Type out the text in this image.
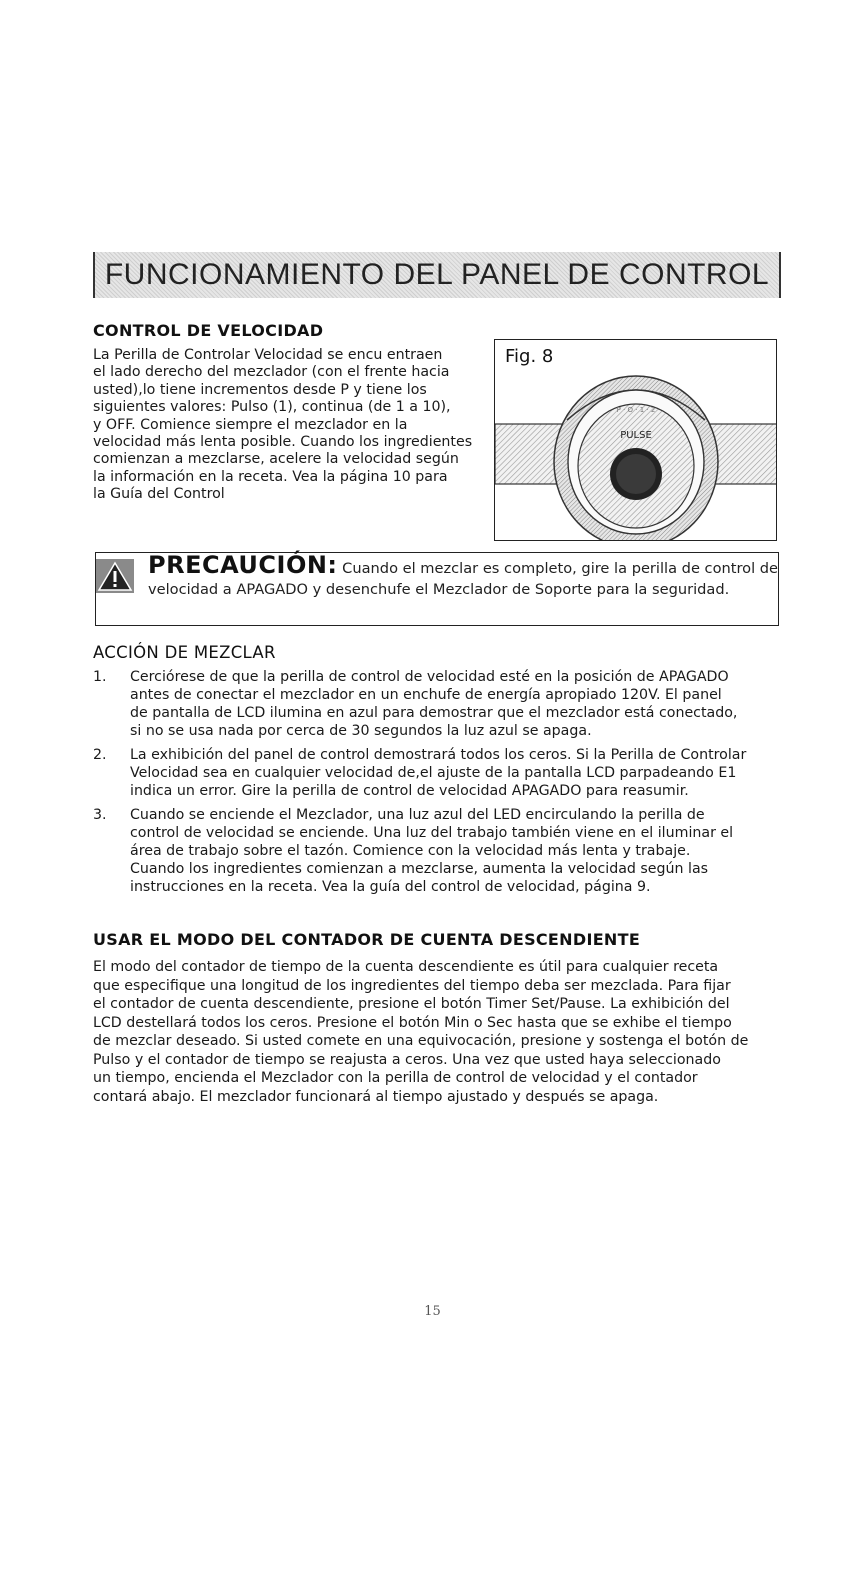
FUNCIONAMIENTO DEL PANEL DE CONTROL
CONTROL DE VELOCIDAD
La Perilla de Controlar Velocidad se encu entraen
el lado derecho del mezclador (con el frente hacia
usted),lo tiene incrementos desde P y tiene los
siguientes valores: Pulso (1), continua (de 1 a 10),
y OFF. Comience siempre el mezclador en la
velocidad más lenta posible. Cuando los ingredientes
comienzan a mezclarse, acelere la velocidad según
la información en la receta. Vea la página 10 para
la Guía del Control
PULSE
· P · O · 1 · 2 ·
Fig. 8
PRECAUCIÓN: Cuando el mezclar es completo, gire la perilla de control de
velocidad a APAGADO y desenchufe el Mezclador de Soporte para la seguridad.
ACCIÓN DE MEZCLAR
1. Cerciórese de que la perilla de control de velocidad esté en la posición de APAGADO
antes de conectar el mezclador en un enchufe de energía apropiado 120V. El panel
de pantalla de LCD ilumina en azul para demostrar que el mezclador está conectado,
si no se usa nada por cerca de 30 segundos la luz azul se apaga.
2. La exhibición del panel de control demostrará todos los ceros. Si la Perilla de Controlar
Velocidad sea en cualquier velocidad de,el ajuste de la pantalla LCD parpadeando E1
indica un error. Gire la perilla de control de velocidad APAGADO para reasumir.
3. Cuando se enciende el Mezclador, una luz azul del LED encirculando la perilla de
control de velocidad se enciende. Una luz del trabajo también viene en el iluminar el
área de trabajo sobre el tazón. Comience con la velocidad más lenta y trabaje.
Cuando los ingredientes comienzan a mezclarse, aumenta la velocidad según las
instrucciones en la receta. Vea la guía del control de velocidad, página 9.
USAR EL MODO DEL CONTADOR DE CUENTA DESCENDIENTE
El modo del contador de tiempo de la cuenta descendiente es útil para cualquier receta
que especifique una longitud de los ingredientes del tiempo deba ser mezclada. Para fijar
el contador de cuenta descendiente, presione el botón Timer Set/Pause. La exhibición del
LCD destellará todos los ceros. Presione el botón Min o Sec hasta que se exhibe el tiempo
de mezclar deseado. Si usted comete en una equivocación, presione y sostenga el botón de
Pulso y el contador de tiempo se reajusta a ceros. Una vez que usted haya seleccionado
un tiempo, encienda el Mezclador con la perilla de control de velocidad y el contador
contará abajo. El mezclador funcionará al tiempo ajustado y después se apaga.
15
